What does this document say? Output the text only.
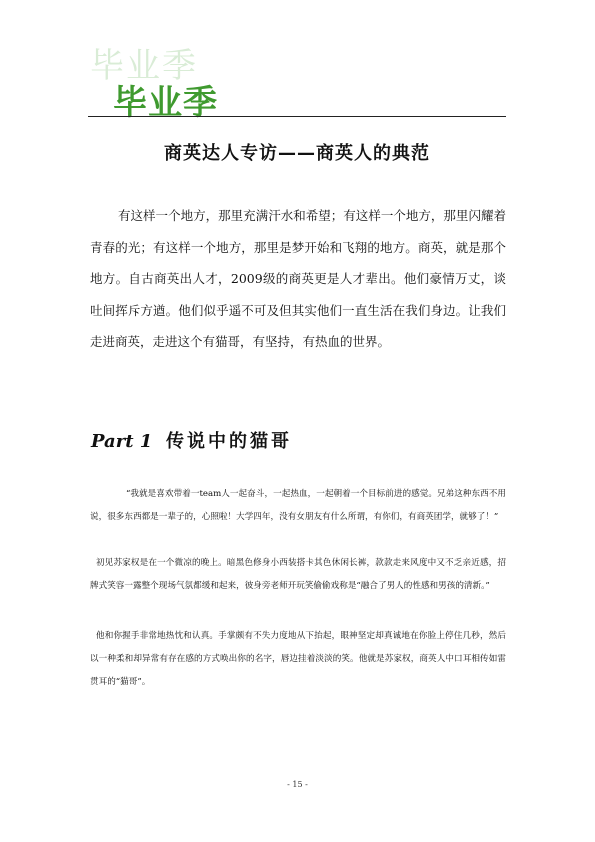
毕业季
毕业季
商英达人专访——商英人的典范

有这样一个地方，那里充满汗水和希望；有这样一个地方，那里闪耀着青春的光；有这样一个地方，那里是梦开始和飞翔的地方。商英，就是那个地方。自古商英出人才，2009级的商英更是人才辈出。他们豪情万丈，谈吐间挥斥方遒。他们似乎遥不可及但其实他们一直生活在我们身边。让我们走进商英，走进这个有猫哥，有坚持，有热血的世界。

Part 1 传说中的猫哥

“我就是喜欢带着一team人一起奋斗，一起热血，一起朝着一个目标前进的感觉。兄弟这种东西不用说，很多东西都是一辈子的，心照啦！大学四年，没有女朋友有什么所谓，有你们，有商英团学，就够了！”

初见苏家权是在一个微凉的晚上。暗黑色修身小西装搭卡其色休闲长裤，款款走来风度中又不乏亲近感，招牌式笑容一露整个现场气氛都缓和起来，彼身旁老师开玩笑偷偷戏称是“融合了男人的性感和男孩的清新。”

他和你握手非常地热忱和认真。手掌颇有不失力度地从下抬起，眼神坚定却真诚地在你脸上停住几秒，然后以一种柔和却异常有存在感的方式唤出你的名字，唇边挂着淡淡的笑。他就是苏家权，商英人中口耳相传如雷贯耳的“猫哥”。

- 15 -
